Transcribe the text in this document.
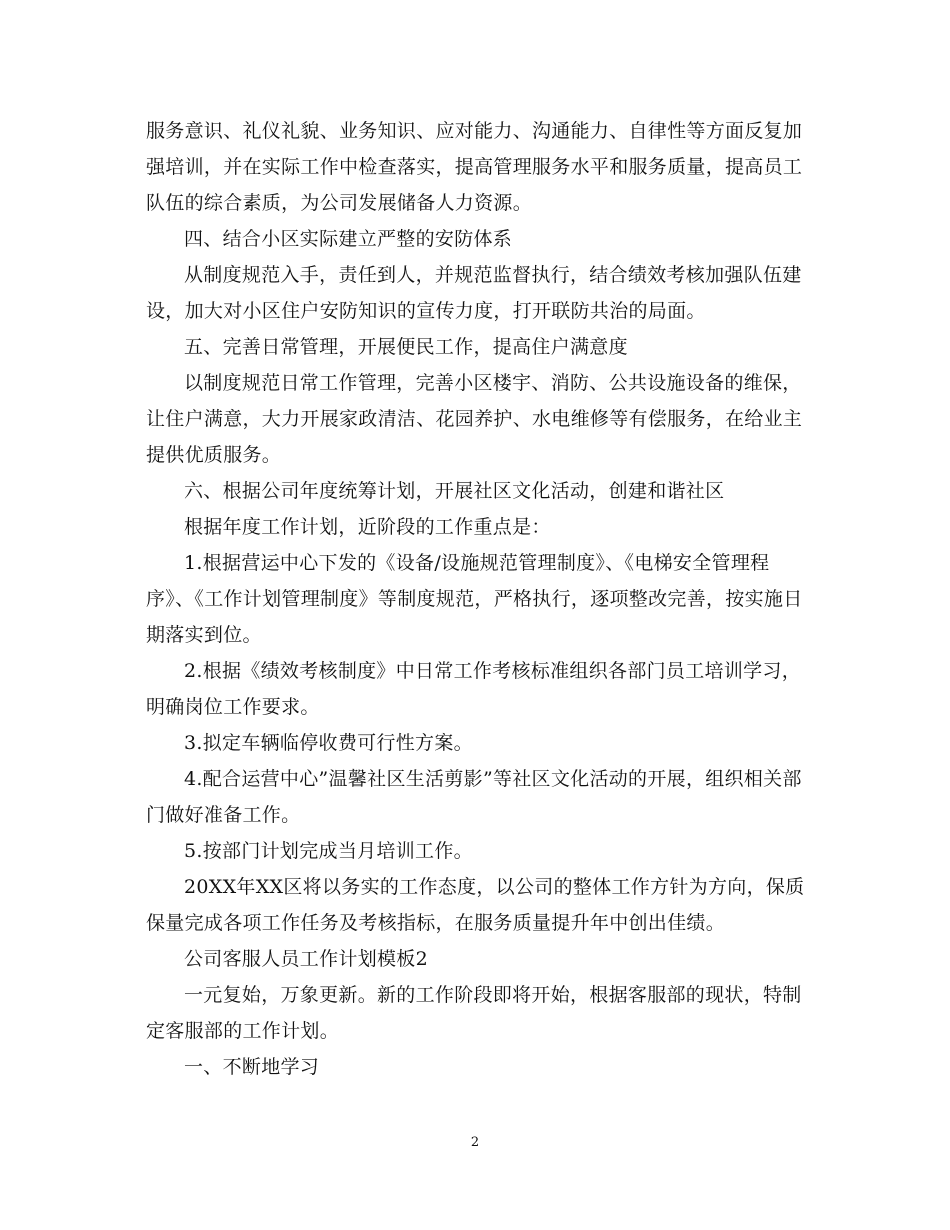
服务意识、礼仪礼貌、业务知识、应对能力、沟通能力、自律性等方面反复加强培训，并在实际工作中检查落实，提高管理服务水平和服务质量，提高员工队伍的综合素质，为公司发展储备人力资源。

四、结合小区实际建立严整的安防体系

从制度规范入手，责任到人，并规范监督执行，结合绩效考核加强队伍建设，加大对小区住户安防知识的宣传力度，打开联防共治的局面。

五、完善日常管理，开展便民工作，提高住户满意度

以制度规范日常工作管理，完善小区楼宇、消防、公共设施设备的维保，让住户满意，大力开展家政清洁、花园养护、水电维修等有偿服务，在给业主提供优质服务。

六、根据公司年度统筹计划，开展社区文化活动，创建和谐社区

根据年度工作计划，近阶段的工作重点是：

1.根据营运中心下发的《设备/设施规范管理制度》、《电梯安全管理程序》、《工作计划管理制度》等制度规范，严格执行，逐项整改完善，按实施日期落实到位。

2.根据《绩效考核制度》中日常工作考核标准组织各部门员工培训学习，明确岗位工作要求。

3.拟定车辆临停收费可行性方案。

4.配合运营中心”温馨社区生活剪影”等社区文化活动的开展，组织相关部门做好准备工作。

5.按部门计划完成当月培训工作。

20XX年XX区将以务实的工作态度，以公司的整体工作方针为方向，保质保量完成各项工作任务及考核指标，在服务质量提升年中创出佳绩。

公司客服人员工作计划模板2

一元复始，万象更新。新的工作阶段即将开始，根据客服部的现状，特制定客服部的工作计划。

一、不断地学习

2
